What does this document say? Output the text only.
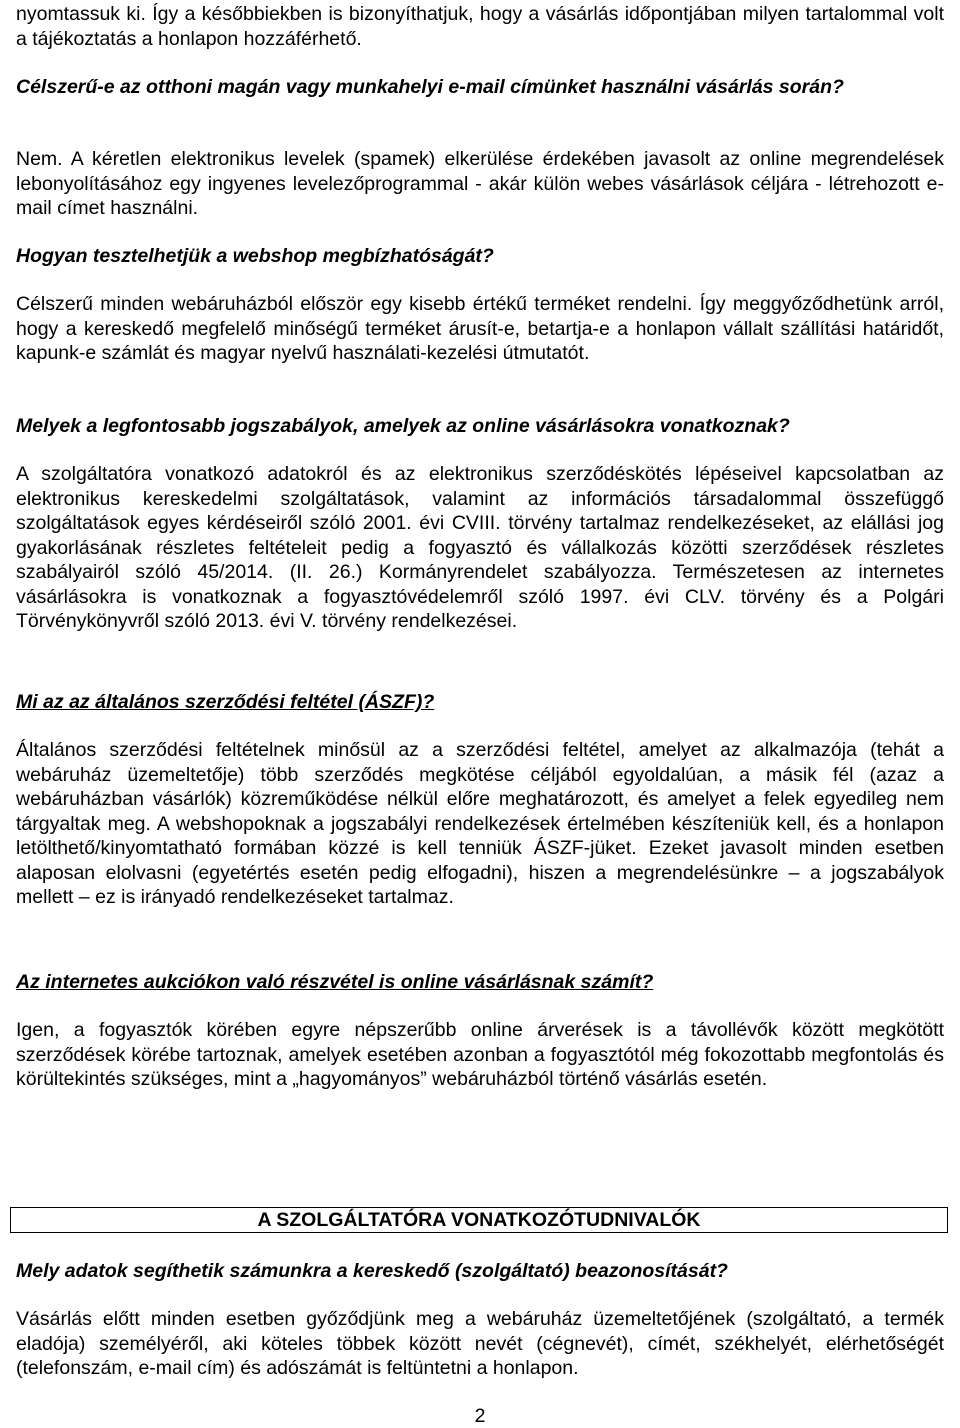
nyomtassuk ki. Így a későbbiekben is bizonyíthatjuk, hogy a vásárlás időpontjában milyen tartalommal volt a tájékoztatás a honlapon hozzáférhető.

Célszerű-e az otthoni magán vagy munkahelyi e-mail címünket használni vásárlás során?

Nem. A kéretlen elektronikus levelek (spamek) elkerülése érdekében javasolt az online megrendelések lebonyolításához egy ingyenes levelezőprogrammal - akár külön webes vásárlások céljára - létrehozott e-mail címet használni.

Hogyan tesztelhetjük a webshop megbízhatóságát?

Célszerű minden webáruházból először egy kisebb értékű terméket rendelni. Így meggyőződhetünk arról, hogy a kereskedő megfelelő minőségű terméket árusít-e, betartja-e a honlapon vállalt szállítási határidőt, kapunk-e számlát és magyar nyelvű használati-kezelési útmutatót.

Melyek a legfontosabb jogszabályok, amelyek az online vásárlásokra vonatkoznak?

A szolgáltatóra vonatkozó adatokról és az elektronikus szerződéskötés lépéseivel kapcsolatban az elektronikus kereskedelmi szolgáltatások, valamint az információs társadalommal összefüggő szolgáltatások egyes kérdéseiről szóló 2001. évi CVIII. törvény tartalmaz rendelkezéseket, az elállási jog gyakorlásának részletes feltételeit pedig a fogyasztó és vállalkozás közötti szerződések részletes szabályairól szóló 45/2014. (II. 26.) Kormányrendelet szabályozza. Természetesen az internetes vásárlásokra is vonatkoznak a fogyasztóvédelemről szóló 1997. évi CLV. törvény és a Polgári Törvénykönyvről szóló 2013. évi V. törvény rendelkezései.

Mi az az általános szerződési feltétel (ÁSZF)?

Általános szerződési feltételnek minősül az a szerződési feltétel, amelyet az alkalmazója (tehát a webáruház üzemeltetője) több szerződés megkötése céljából egyoldalúan, a másik fél (azaz a webáruházban vásárlók) közreműködése nélkül előre meghatározott, és amelyet a felek egyedileg nem tárgyaltak meg. A webshopoknak a jogszabályi rendelkezések értelmében készíteniük kell, és a honlapon letölthető/kinyomtatható formában közzé is kell tenniük ÁSZF-jüket. Ezeket javasolt minden esetben alaposan elolvasni (egyetértés esetén pedig elfogadni), hiszen a megrendelésünkre – a jogszabályok mellett – ez is irányadó rendelkezéseket tartalmaz.

Az internetes aukciókon való részvétel is online vásárlásnak számít?

Igen, a fogyasztók körében egyre népszerűbb online árverések is a távollévők között megkötött szerződések körébe tartoznak, amelyek esetében azonban a fogyasztótól még fokozottabb megfontolás és körültekintés szükséges, mint a „hagyományos” webáruházból történő vásárlás esetén.

A SZOLGÁLTATÓRA VONATKOZÓTUDNIVALÓK

Mely adatok segíthetik számunkra a kereskedő (szolgáltató) beazonosítását?

Vásárlás előtt minden esetben győződjünk meg a webáruház üzemeltetőjének (szolgáltató, a termék eladója) személyéről, aki köteles többek között nevét (cégnevét), címét, székhelyét, elérhetőségét (telefonszám, e-mail cím) és adószámát is feltüntetni a honlapon.

2
